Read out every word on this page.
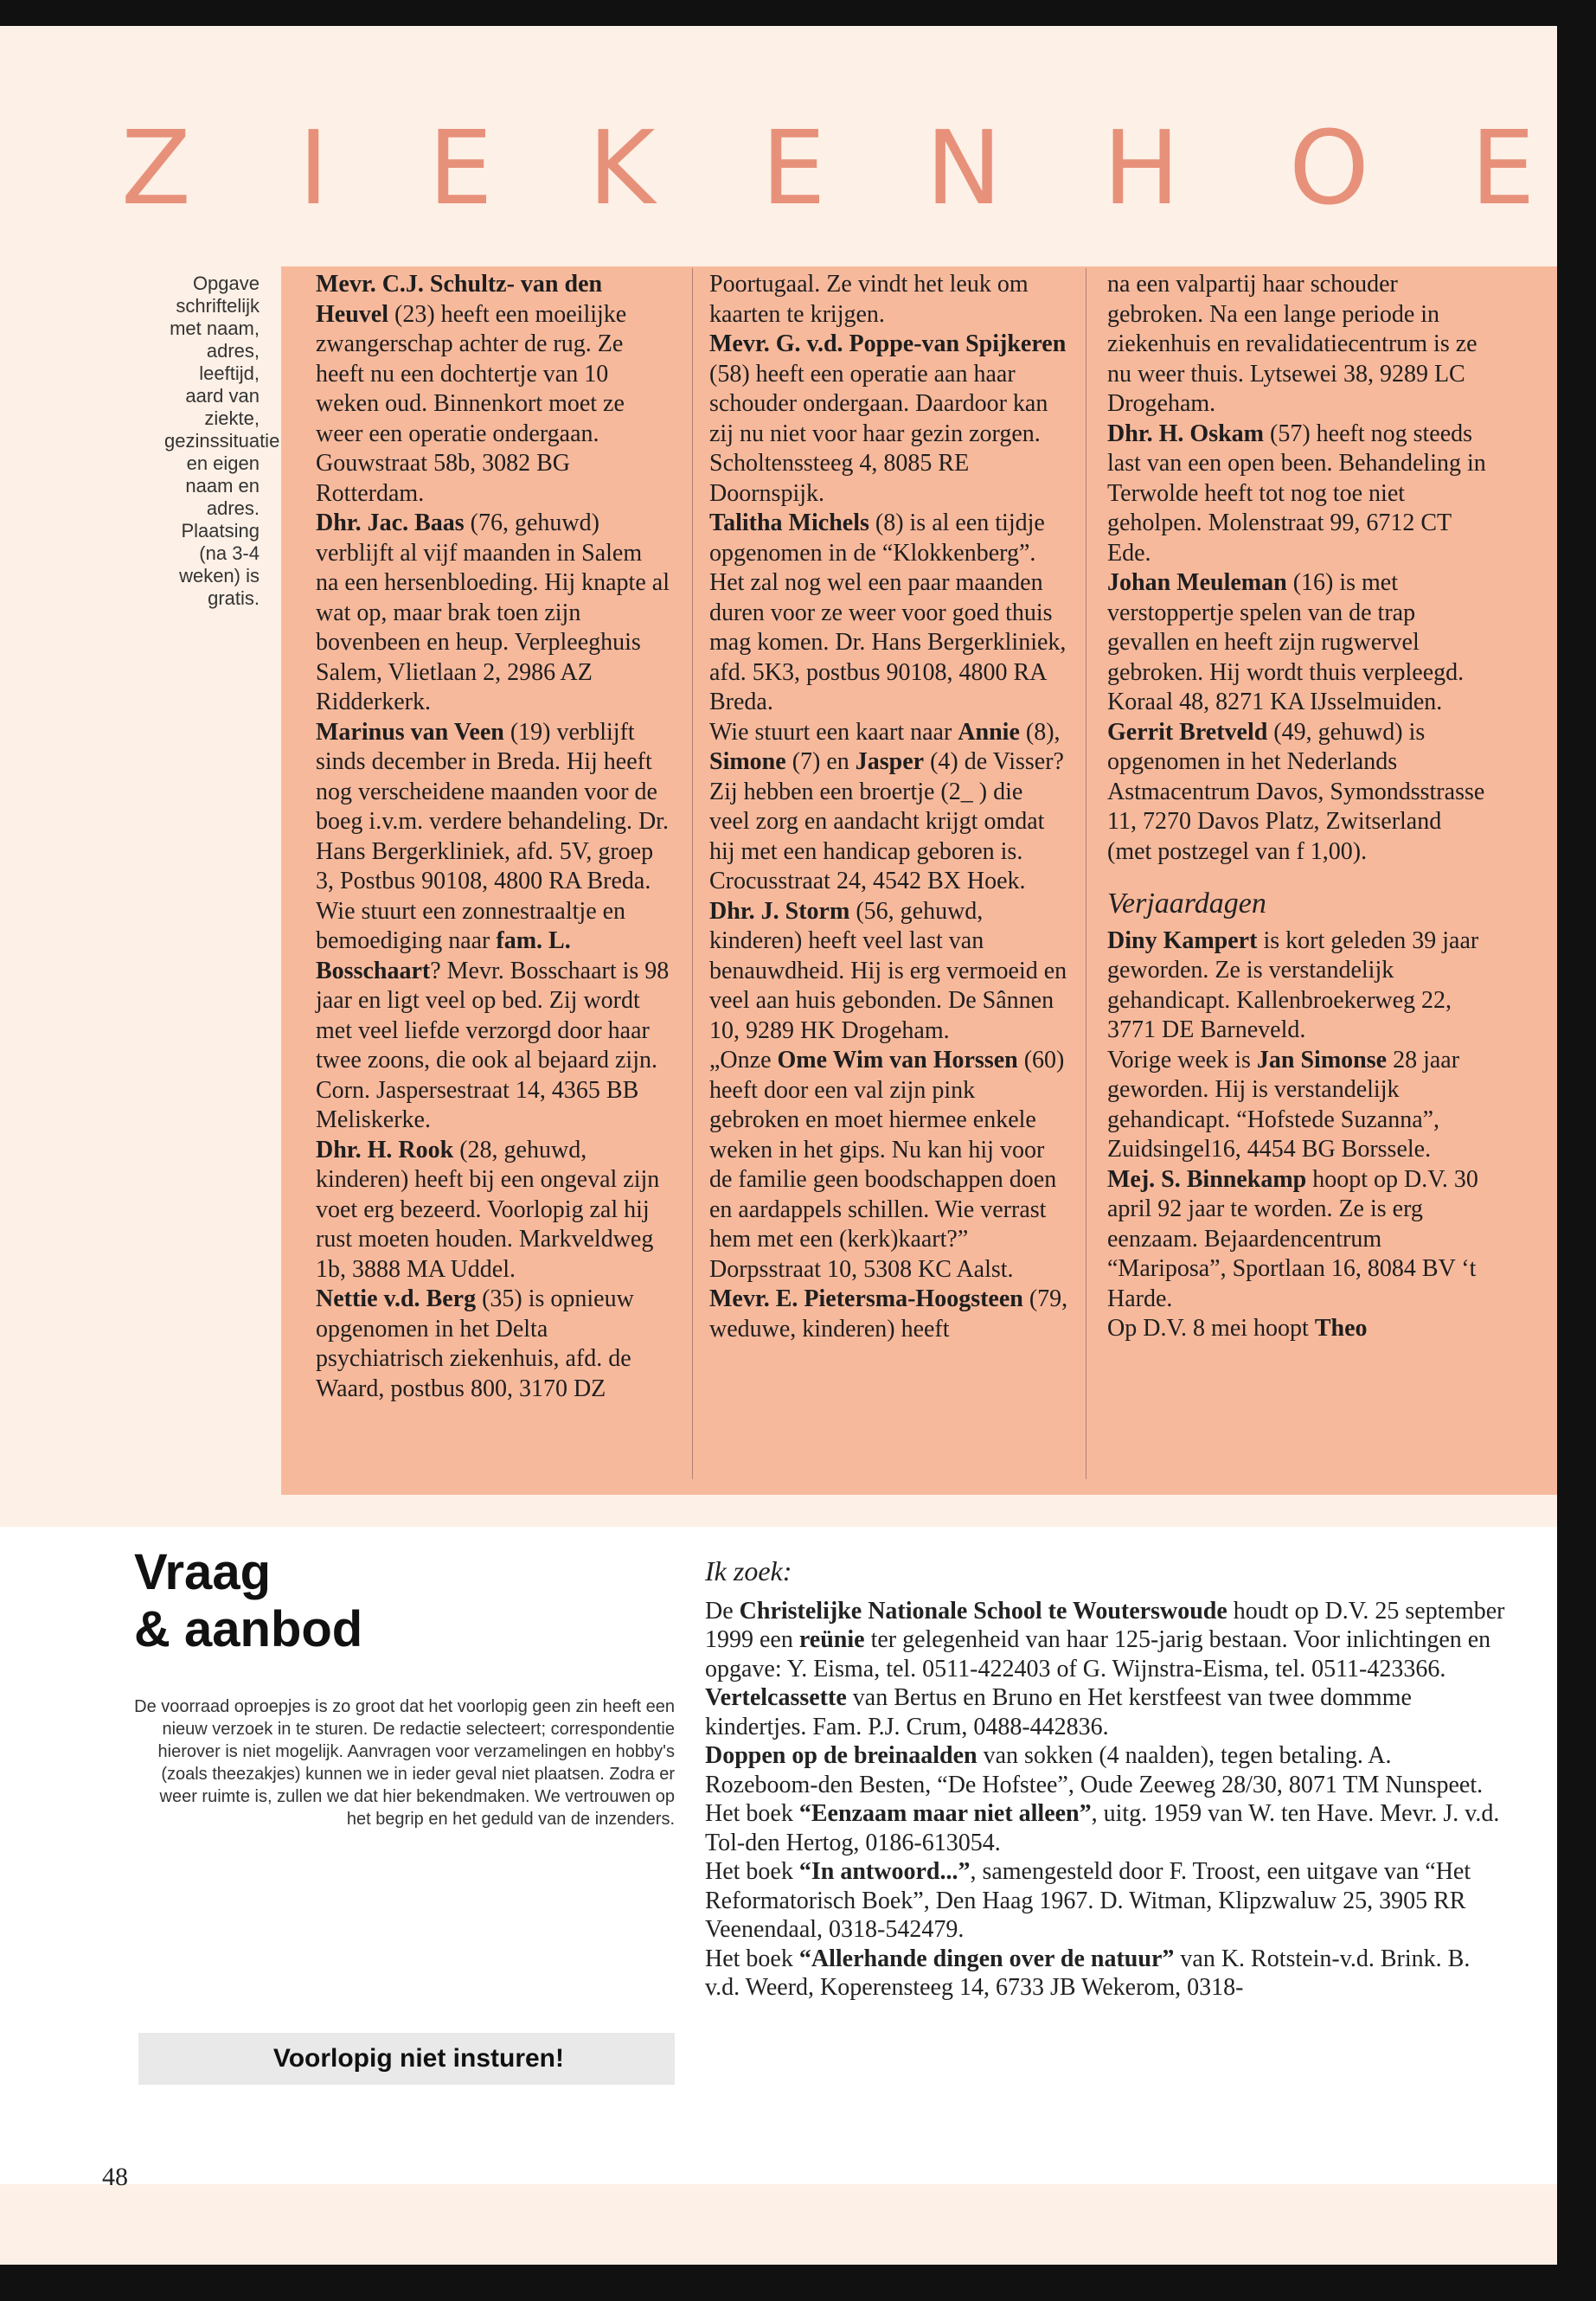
Z I E K E N H O E
Opgave schriftelijk met naam, adres, leeftijd, aard van ziekte, gezinssituatie en eigen naam en adres. Plaatsing (na 3-4 weken) is gratis.

Mevr. C.J. Schultz- van den Heuvel (23) heeft een moeilijke zwangerschap achter de rug. Ze heeft nu een dochtertje van 10 weken oud. Binnenkort moet ze weer een operatie ondergaan. Gouwstraat 58b, 3082 BG Rotterdam.

Dhr. Jac. Baas (76, gehuwd) verblijft al vijf maanden in Salem na een hersenbloeding. Hij knapte al wat op, maar brak toen zijn bovenbeen en heup. Verpleeghuis Salem, Vlietlaan 2, 2986 AZ Ridderkerk.

Marinus van Veen (19) verblijft sinds december in Breda. Hij heeft nog verscheidene maanden voor de boeg i.v.m. verdere behandeling. Dr. Hans Bergerkliniek, afd. 5V, groep 3, Postbus 90108, 4800 RA Breda.

Wie stuurt een zonnestraaltje en bemoediging naar fam. L. Bosschaart? Mevr. Bosschaart is 98 jaar en ligt veel op bed. Zij wordt met veel liefde verzorgd door haar twee zoons, die ook al bejaard zijn. Corn. Jaspersestraat 14, 4365 BB Meliskerke.

Dhr. H. Rook (28, gehuwd, kinderen) heeft bij een ongeval zijn voet erg bezeerd. Voorlopig zal hij rust moeten houden. Markveldweg 1b, 3888 MA Uddel.

Nettie v.d. Berg (35) is opnieuw opgenomen in het Delta psychiatrisch ziekenhuis, afd. de Waard, postbus 800, 3170 DZ

Poortugaal. Ze vindt het leuk om kaarten te krijgen.

Mevr. G. v.d. Poppe-van Spijkeren (58) heeft een operatie aan haar schouder ondergaan. Daardoor kan zij nu niet voor haar gezin zorgen. Scholtenssteeg 4, 8085 RE Doornspijk.

Talitha Michels (8) is al een tijdje opgenomen in de “Klokkenberg”. Het zal nog wel een paar maanden duren voor ze weer voor goed thuis mag komen. Dr. Hans Bergerkliniek, afd. 5K3, postbus 90108, 4800 RA Breda.

Wie stuurt een kaart naar Annie (8), Simone (7) en Jasper (4) de Visser? Zij hebben een broertje (2_ ) die veel zorg en aandacht krijgt omdat hij met een handicap geboren is. Crocusstraat 24, 4542 BX Hoek.

Dhr. J. Storm (56, gehuwd, kinderen) heeft veel last van benauwdheid. Hij is erg vermoeid en veel aan huis gebonden. De Sânnen 10, 9289 HK Drogeham.

„Onze Ome Wim van Horssen (60) heeft door een val zijn pink gebroken en moet hiermee enkele weken in het gips. Nu kan hij voor de familie geen boodschappen doen en aardappels schillen. Wie verrast hem met een (kerk)kaart?” Dorpsstraat 10, 5308 KC Aalst.

Mevr. E. Pietersma-Hoogsteen (79, weduwe, kinderen) heeft

na een valpartij haar schouder gebroken. Na een lange periode in ziekenhuis en revalidatiecentrum is ze nu weer thuis. Lytsewei 38, 9289 LC Drogeham.

Dhr. H. Oskam (57) heeft nog steeds last van een open been. Behandeling in Terwolde heeft tot nog toe niet geholpen. Molenstraat 99, 6712 CT Ede.

Johan Meuleman (16) is met verstoppertje spelen van de trap gevallen en heeft zijn rugwervel gebroken. Hij wordt thuis verpleegd. Koraal 48, 8271 KA IJsselmuiden.

Gerrit Bretveld (49, gehuwd) is opgenomen in het Nederlands Astmacentrum Davos, Symondsstrasse 11, 7270 Davos Platz, Zwitserland (met postzegel van f 1,00).

Verjaardagen

Diny Kampert is kort geleden 39 jaar geworden. Ze is verstandelijk gehandicapt. Kallenbroekerweg 22, 3771 DE Barneveld.

Vorige week is Jan Simonse 28 jaar geworden. Hij is verstandelijk gehandicapt. “Hofstede Suzanna”, Zuidsingel16, 4454 BG Borssele.

Mej. S. Binnekamp hoopt op D.V. 30 april 92 jaar te worden. Ze is erg eenzaam. Bejaardencentrum “Mariposa”, Sportlaan 16, 8084 BV ‘t Harde.

Op D.V. 8 mei hoopt Theo

Vraag
& aanbod
De voorraad oproepjes is zo groot dat het voorlopig geen zin heeft een nieuw verzoek in te sturen. De redactie selecteert; correspondentie hierover is niet mogelijk. Aanvragen voor verzamelingen en hobby's (zoals theezakjes) kunnen we in ieder geval niet plaatsen. Zodra er weer ruimte is, zullen we dat hier bekendmaken. We vertrouwen op het begrip en het geduld van de inzenders.
Voorlopig niet insturen!
Ik zoek:

De Christelijke Nationale School te Wouterswoude houdt op D.V. 25 september 1999 een reünie ter gelegenheid van haar 125-jarig bestaan. Voor inlichtingen en opgave: Y. Eisma, tel. 0511-422403 of G. Wijnstra-Eisma, tel. 0511-423366.

Vertelcassette van Bertus en Bruno en Het kerstfeest van twee dommme kindertjes. Fam. P.J. Crum, 0488-442836.

Doppen op de breinaalden van sokken (4 naalden), tegen betaling. A. Rozeboom-den Besten, “De Hofstee”, Oude Zeeweg 28/30, 8071 TM Nunspeet.

Het boek “Eenzaam maar niet alleen”, uitg. 1959 van W. ten Have. Mevr. J. v.d. Tol-den Hertog, 0186-613054.

Het boek “In antwoord...”, samengesteld door F. Troost, een uitgave van “Het Reformatorisch Boek”, Den Haag 1967. D. Witman, Klipzwaluw 25, 3905 RR Veenendaal, 0318-542479.

Het boek “Allerhande dingen over de natuur” van K. Rotstein-v.d. Brink. B. v.d. Weerd, Koperensteeg 14, 6733 JB Wekerom, 0318-

48
